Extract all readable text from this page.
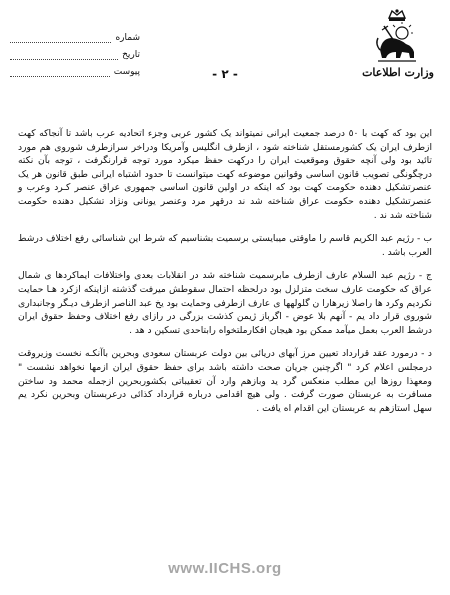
شماره
تاریخ
پیوست	وزارت اطلاعات
- ٢ -

این بود که کهت با ٥٠ درصد جمعیت ایرانی نمیتواند یک کشور عربی وجزء اتحادیه عرب باشد تا آنجاکه کهت ازطرف ایران یک کشورمستقل شناخته شود ، ازطرف انگلیس وآمریکا ودراخر سرازطرف شوروی هم مورد تائید بود ولی آنچه حقوق وموقعیت ایران را درکهت حفظ میکرد مورد توجه قرارنگرفت ، توجه بآن نکته درچگونگی تصویب قانون اساسی وقوانین موضوعه کهت میتوانست تا حدود اشتباه ایرانی طبق قانون هر یک عنصرتشکیل دهنده حکومت کهت بود که اینکه در اولین قانون اساسی جمهوری عراق عنصر کـرد وعرب و عنصرتشکیل دهنده حکومت عراق شناخته شد ند درقهر مرد وعنصر یونانی ونژاد تشکیل دهنده حکومت شناخته شد ند .

ب - رژیم عبد الکریم قاسم را ماوقتی میبایستی برسمیت بشناسیم که شرط این شناسائی رفع اختلاف درشط العرب باشد .

ج - رژیم عبد السلام عارف ازطرف مابرسمیت شناخته شد در انقلابات بعدی واختلافات ایماکردها ی شمال عراق که حکومت عارف سخت متزلزل بود درلحظه احتمال سقوطش میرفت گذشته ازاینکه ازکرد هـا حمایت نکردیم وکرد ها راصلا زیرهارا ن گلولهها ی عارف ازطرفی وحمایت بود یخ عبد الناصر ازطرف دیـگر وجانبداری شوروی قرار داد یم - آنهم بلا عوض - اگرباز ژیمن کذشت بزرگی در رازای رفع اختلاف وحفظ حقوق ایران درشط العرب بعمل میآمد ممکن بود هیجان افکارملتخواه رابتاحدی تسکین د هد .

د - درمورد عقد قرارداد تعیین مرز آبهای دریائی بین دولت عربستان سعودی وبحرین باآنکـه نخست وزیروقت درمجلس اعلام کرد " اگرچنین جریان صحت داشته باشد برای حفظ حقوق ایران ازمها نخواهد نشست " ومعهذا روزها این مطلب منعکس گرد ید وبازهم وارد آن تعقیباتی بکشوربحرین ازجمله محمد ود ساختن مسافرت به عربستان صورت گرفت . ولی هیچ اقدامی درباره قرارداد کذائی درعربستان وبحرین نکرد یم سهل استازهم به عربستان این اقدام اه یافت .

www.IICHS.org
